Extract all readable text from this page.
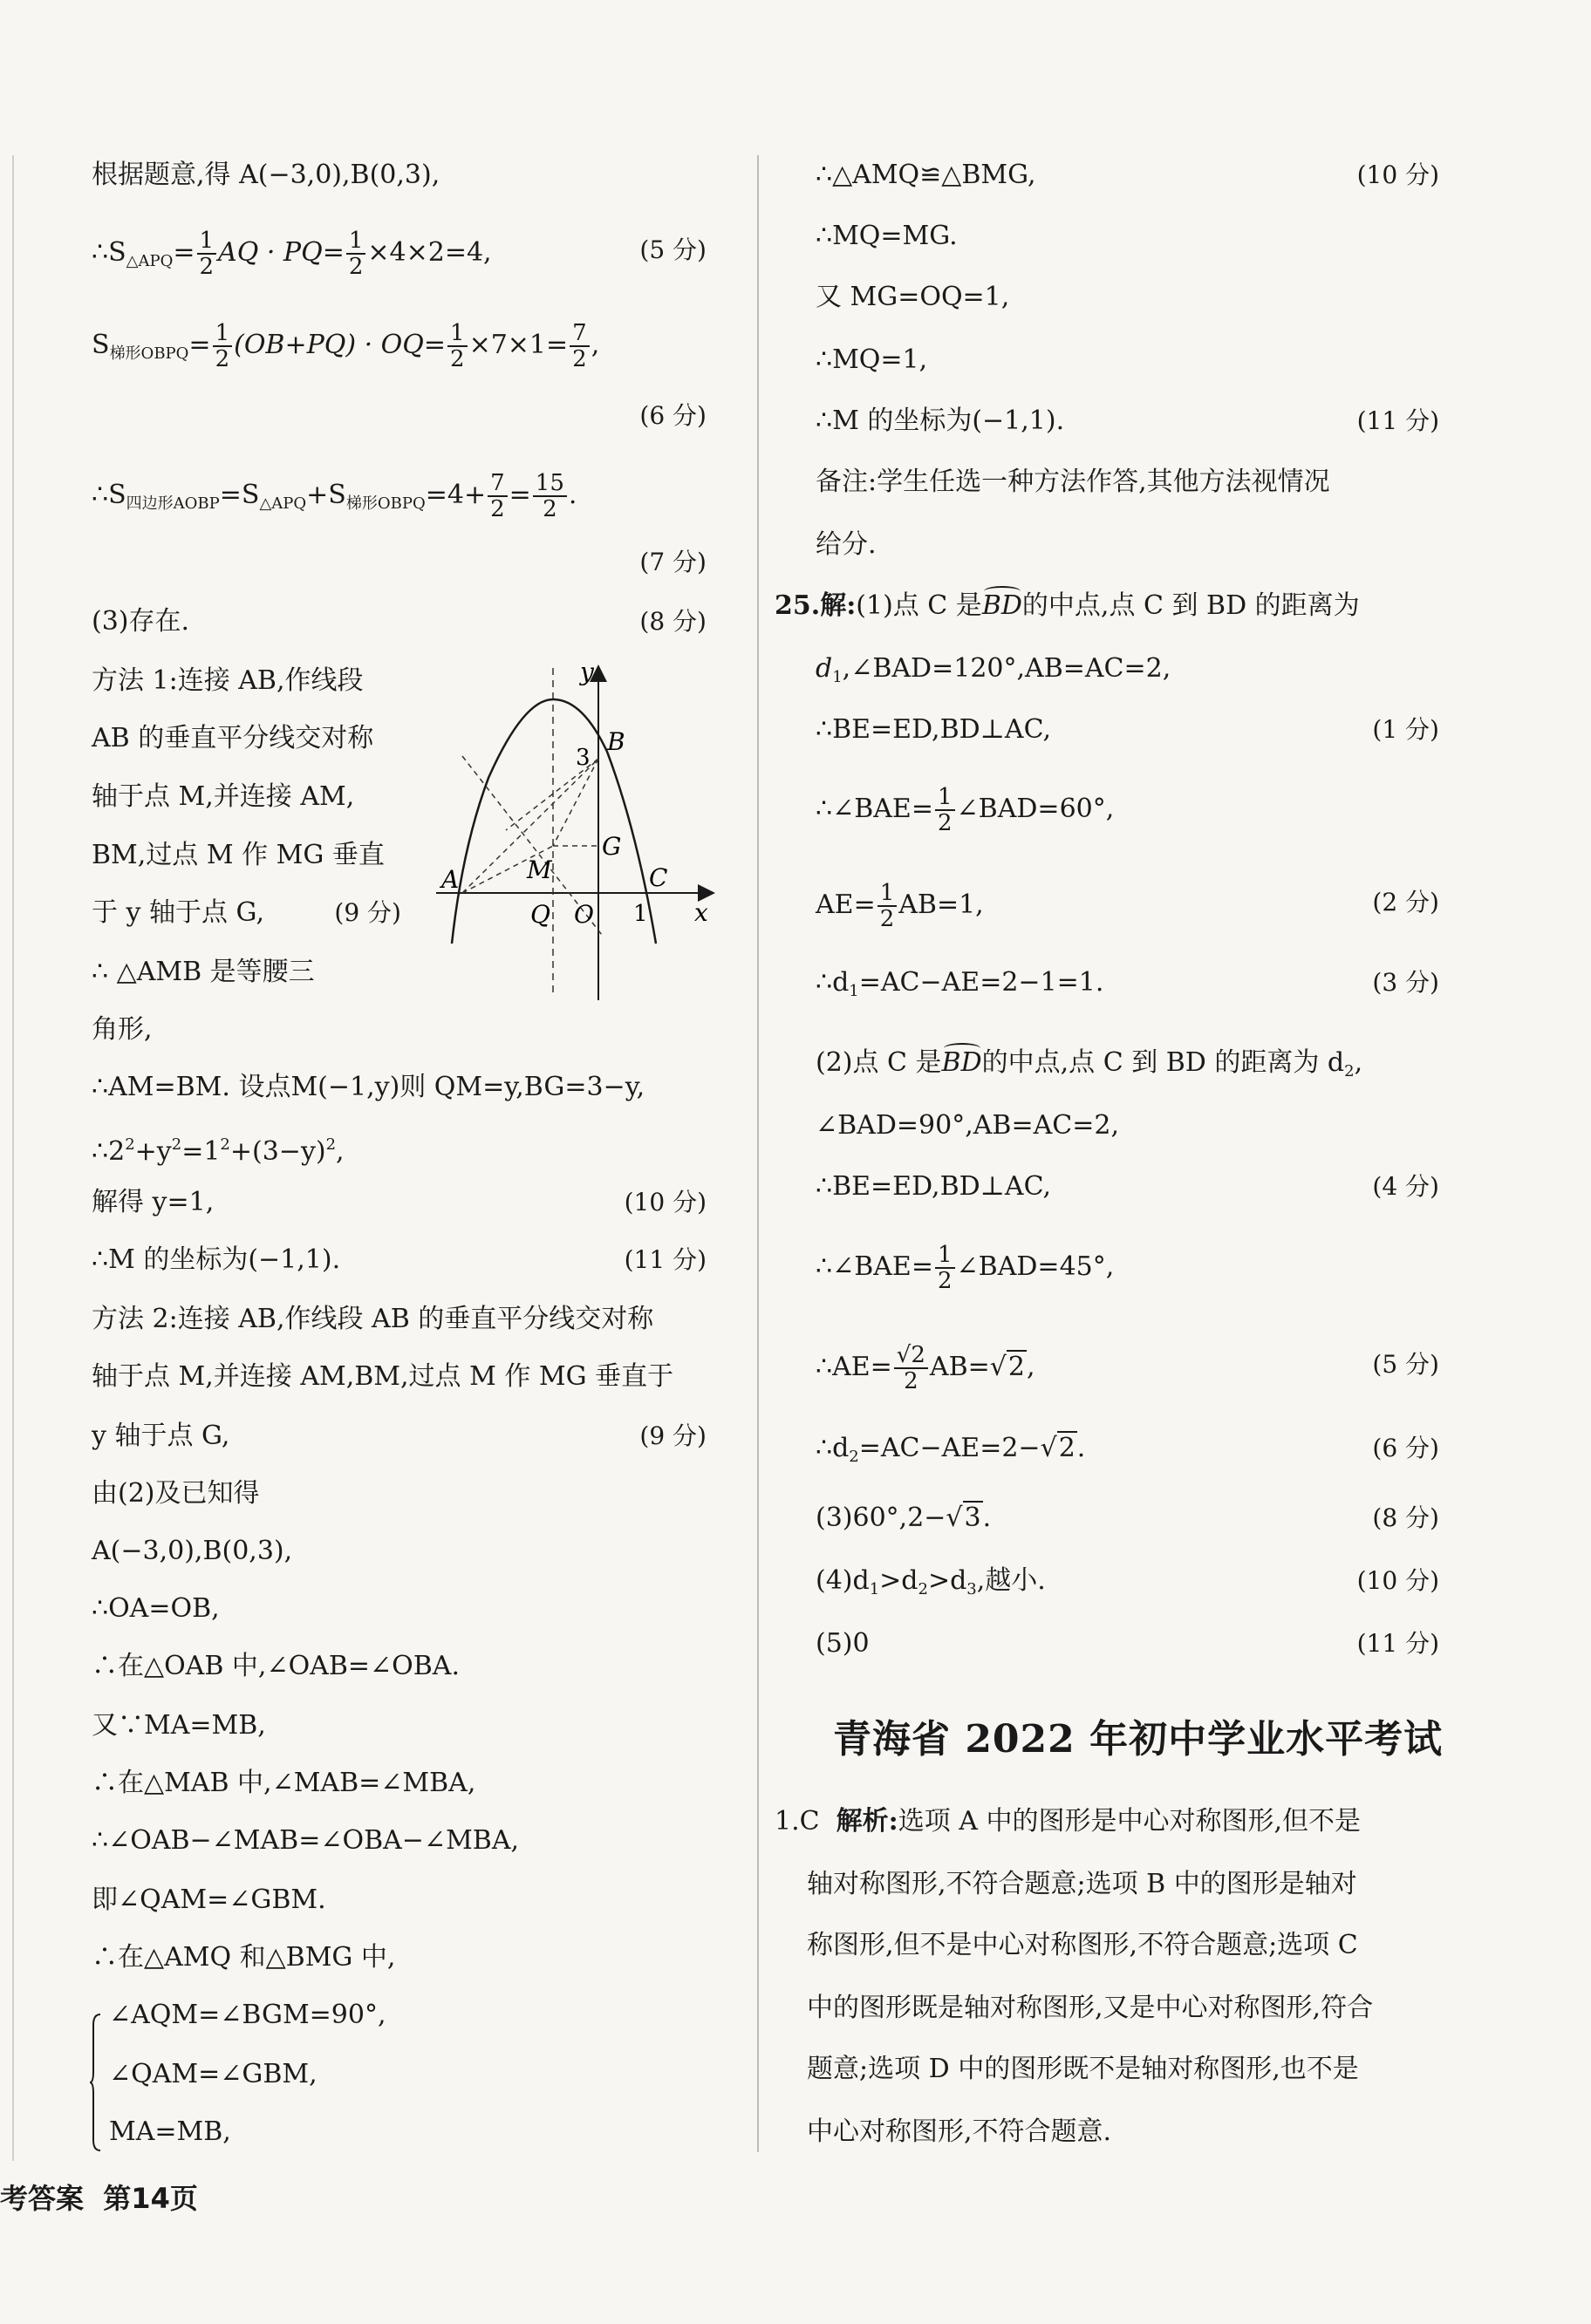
根据题意,得 A(−3,0),B(0,3),
$\therefore S_{\triangle APQ}= \frac{1}{2}$ AQ · $PQ= \frac{1}{2} \times 4\times 2=4$,	(5 分)
$S_{梯形OBPQ}= \frac{1}{2} (OB+PQ) \cdot OQ= \frac{1}{2} \times 7\times 1= \frac{7}{2}$ ,
(6 分)
$\therefore S_{四边形AOBP}=S_{\triangle APQ}+S_{梯形OBPQ}=4+ \frac{7}{2} = \frac{15}{2}$ .
(7 分)
(3)存在.	(8 分)
方法 1:连接 AB,作线段
AB 的垂直平分线交对称
轴于点 M,并连接 AM,
BM,过点 M 作 MG 垂直
于 y 轴于点 G,	(9 分)
∴ △AMB 是等腰三
角形,
∴AM=BM. 设点M(−1,y)则 QM=y,BG=3−y,
$\therefore 2^2+y^2=1^2+(3-y)^2$,
解得 y=1,	(10 分)
∴M 的坐标为(−1,1).	(11 分)
方法 2:连接 AB,作线段 AB 的垂直平分线交对称
轴于点 M,并连接 AM,BM,过点 M 作 MG 垂直于
y 轴于点 G,	(9 分)
由(2)及已知得
A(−3,0),B(0,3),
∴OA=OB,
∴在△OAB 中,∠OAB=∠OBA.
又∵MA=MB,
∴在△MAB 中,∠MAB=∠MBA,
∴∠OAB−∠MAB=∠OBA−∠MBA,
即∠QAM=∠GBM.
∴在△AMQ 和△BMG 中,
∠AQM=∠BGM=90°,
∠QAM=∠GBM,
MA=MB,
y
B
3
G
M
A	C
Q O 1 x
∴△AMQ≌△BMG,	(10 分)
∴MQ=MG.
又 MG=OQ=1,
∴MQ=1,
∴M 的坐标为(−1,1).	(11 分)
备注:学生任选一种方法作答,其他方法视情况
给分.
25.解:(1)点 C 是BD的中点,点 C 到 BD 的距离为
$d_1,\angle BAD=120^\circ,AB=AC=2$,
∴BE=ED,BD⊥AC,	(1 分)
∴∠BAE= $\frac{1}{2}$ ∠BAD=60°,
$AE= \frac{1}{2} AB=1$,	(2 分)
$\therefore d_1=AC-AE=2-1=1$.	(3 分)
(2)点 C 是BD的中点,点 C 到 BD 的距离为 $d_2$,
∠BAD=90°,AB=AC=2,
∴BE=ED,BD⊥AC,	(4 分)
∴∠BAE= $\frac{1}{2}$ ∠BAD=45°,
∴AE= $\frac{√2}{2} AB=√2$,	(5 分)
$\therefore d_2=AC-AE=2-√2$.	(6 分)
(3)60°,2−√3.	(8 分)
$(4)d_1>d_2>d_3$,越小.	(10 分)
(5)0	(11 分)
青海省 2022 年初中学业水平考试
1.C 解析:选项 A 中的图形是中心对称图形,但不是
轴对称图形,不符合题意;选项 B 中的图形是轴对
称图形,但不是中心对称图形,不符合题意;选项 C
中的图形既是轴对称图形,又是中心对称图形,符合
题意;选项 D 中的图形既不是轴对称图形,也不是
中心对称图形,不符合题意.
考答案 第14页
